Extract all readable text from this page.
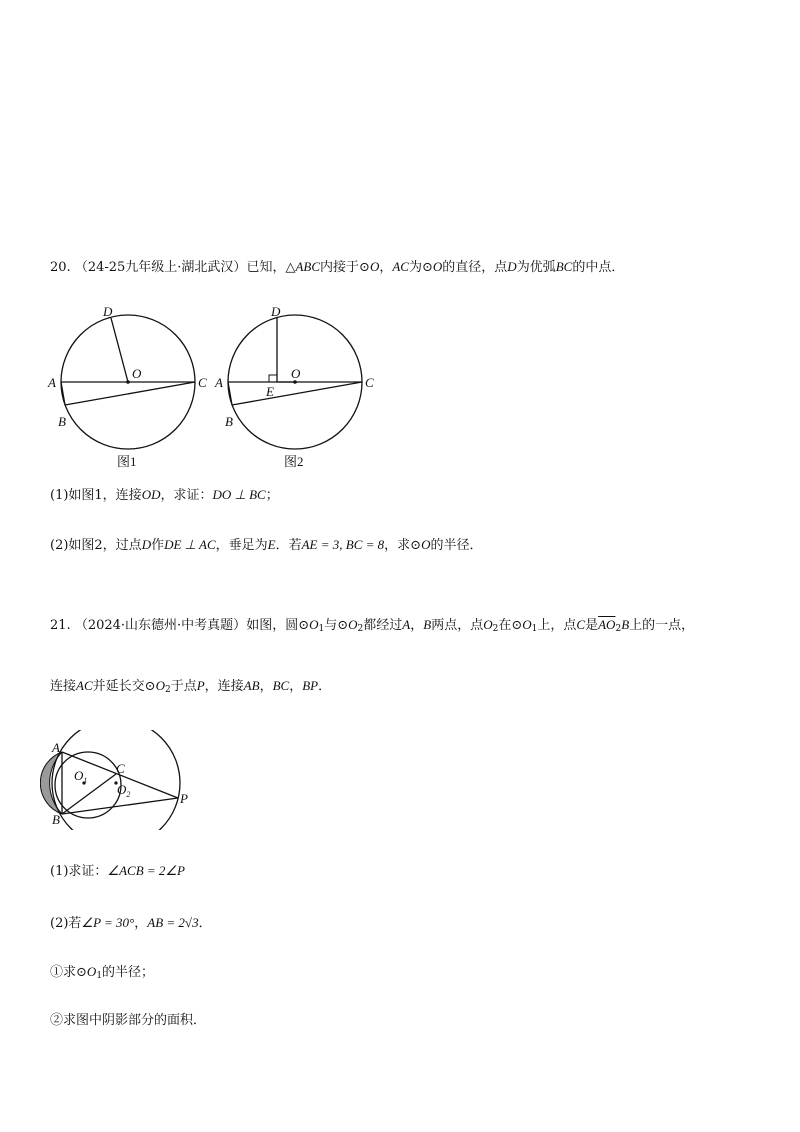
20. （24-25九年级上·湖北武汉）已知，△ABC内接于⊙O，AC为⊙O的直径，点D为优弧BC的中点．
D
O
A	C
B
图1
D
O
E
A	C
B
图2
(1)如图1，连接OD，求证：DO ⊥ BC；
(2)如图2，过点D作DE ⊥ AC，垂足为E．若AE = 3, BC = 8，求⊙O的半径．
21. （2024·山东德州·中考真题）如图，圆$⊙O_1$与$⊙O_2$都经过A，B两点，点$O_2$在$⊙O_1$上，点C是$\overline{AO}_2B$上的一点，
连接AC并延长交$⊙O_2$于点P，连接AB，BC，BP．
A
B
C
$O_1$
$O_2$	P
(1)求证：∠ACB = 2∠P
(2)若∠P = 30°，AB = 2√3．
①求$⊙O_1$的半径；
②求图中阴影部分的面积．
